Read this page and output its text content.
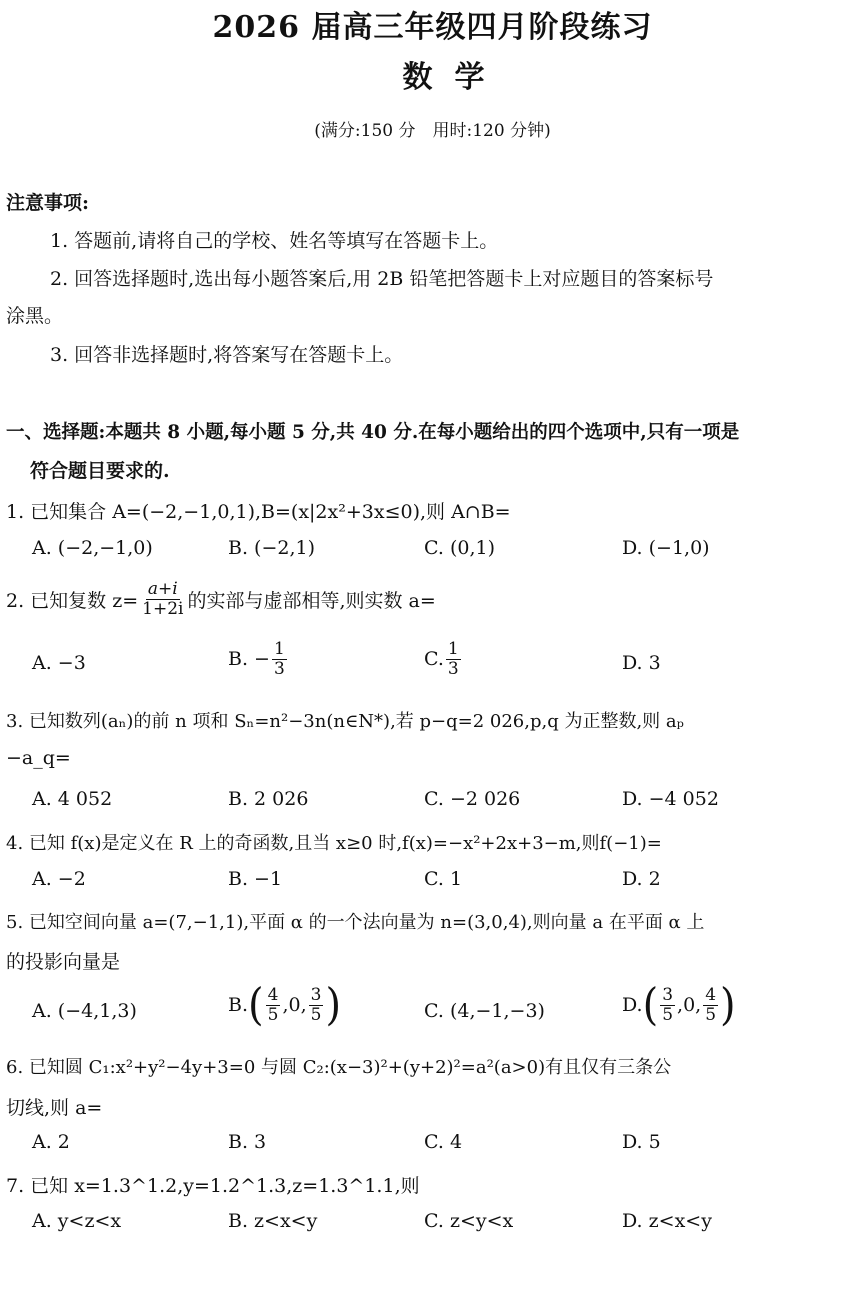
2026 届高三年级四月阶段练习
数学
(满分:150 分　用时:120 分钟)
注意事项:
1. 答题前,请将自己的学校、姓名等填写在答题卡上。
2. 回答选择题时,选出每小题答案后,用 2B 铅笔把答题卡上对应题目的答案标号
涂黑。
3. 回答非选择题时,将答案写在答题卡上。
一、选择题:本题共 8 小题,每小题 5 分,共 40 分.在每小题给出的四个选项中,只有一项是
符合题目要求的.
1. 已知集合 A=(−2,−1,0,1),B=(x|2x²+3x≤0),则 A∩B=
A. (−2,−1,0)	B. (−2,1)	C. (0,1)	D. (−1,0)
2. 已知复数 $z= \frac{a+i}{1+2i}$ 的实部与虚部相等,则实数 a=
A. −3	B. − $\frac{1}{3}$	C. $\frac{1}{3}$	D. 3
3. 已知数列(aₙ)的前 n 项和 Sₙ=n²−3n(n∈N*),若 p−q=2 026,p,q 为正整数,则 aₚ
−a_q=
A. 4 052	B. 2 026	C. −2 026	D. −4 052
4. 已知 f(x)是定义在 R 上的奇函数,且当 x≥0 时,f(x)=−x²+2x+3−m,则f(−1)=
A. −2	B. −1	C. 1	D. 2
5. 已知空间向量 a=(7,−1,1),平面 α 的一个法向量为 n=(3,0,4),则向量 a 在平面 α 上
的投影向量是
A. (−4,1,3)	B. ( $\frac{4}{5} ,0$, $\frac{3}{5}$ )	C. (4,−1,−3)	D. ( $\frac{3}{5} ,0$, $\frac{4}{5}$ )
6. 已知圆 C₁:x²+y²−4y+3=0 与圆 C₂:(x−3)²+(y+2)²=a²(a>0)有且仅有三条公
切线,则 a=
A. 2	B. 3	C. 4	D. 5
7. 已知 x=1.3^1.2,y=1.2^1.3,z=1.3^1.1,则
A. y<z<x	B. z<x<y	C. z<y<x	D. z<x<y
